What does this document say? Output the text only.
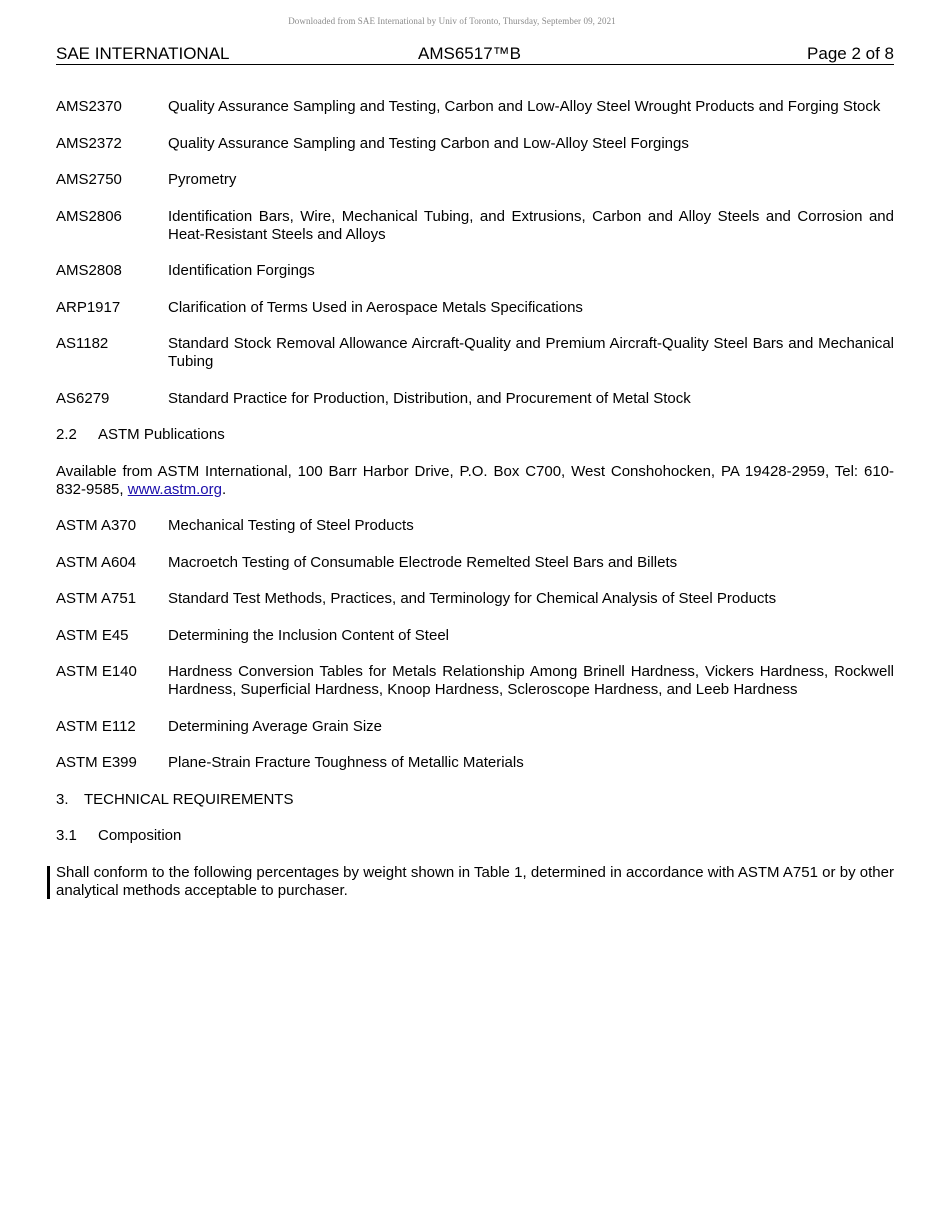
Downloaded from SAE International by Univ of Toronto, Thursday, September 09, 2021
SAE INTERNATIONAL	AMS6517™B	Page 2 of 8
AMS2370	Quality Assurance Sampling and Testing, Carbon and Low-Alloy Steel Wrought Products and Forging Stock
AMS2372	Quality Assurance Sampling and Testing Carbon and Low-Alloy Steel Forgings
AMS2750	Pyrometry
AMS2806	Identification Bars, Wire, Mechanical Tubing, and Extrusions, Carbon and Alloy Steels and Corrosion and Heat-Resistant Steels and Alloys
AMS2808	Identification Forgings
ARP1917	Clarification of Terms Used in Aerospace Metals Specifications
AS1182	Standard Stock Removal Allowance Aircraft-Quality and Premium Aircraft-Quality Steel Bars and Mechanical Tubing
AS6279	Standard Practice for Production, Distribution, and Procurement of Metal Stock
2.2 ASTM Publications
Available from ASTM International, 100 Barr Harbor Drive, P.O. Box C700, West Conshohocken, PA 19428-2959, Tel: 610-832-9585, www.astm.org.
ASTM A370	Mechanical Testing of Steel Products
ASTM A604	Macroetch Testing of Consumable Electrode Remelted Steel Bars and Billets
ASTM A751	Standard Test Methods, Practices, and Terminology for Chemical Analysis of Steel Products
ASTM E45	Determining the Inclusion Content of Steel
ASTM E140	Hardness Conversion Tables for Metals Relationship Among Brinell Hardness, Vickers Hardness, Rockwell Hardness, Superficial Hardness, Knoop Hardness, Scleroscope Hardness, and Leeb Hardness
ASTM E112	Determining Average Grain Size
ASTM E399	Plane-Strain Fracture Toughness of Metallic Materials
3. TECHNICAL REQUIREMENTS
3.1 Composition
Shall conform to the following percentages by weight shown in Table 1, determined in accordance with ASTM A751 or by other analytical methods acceptable to purchaser.
